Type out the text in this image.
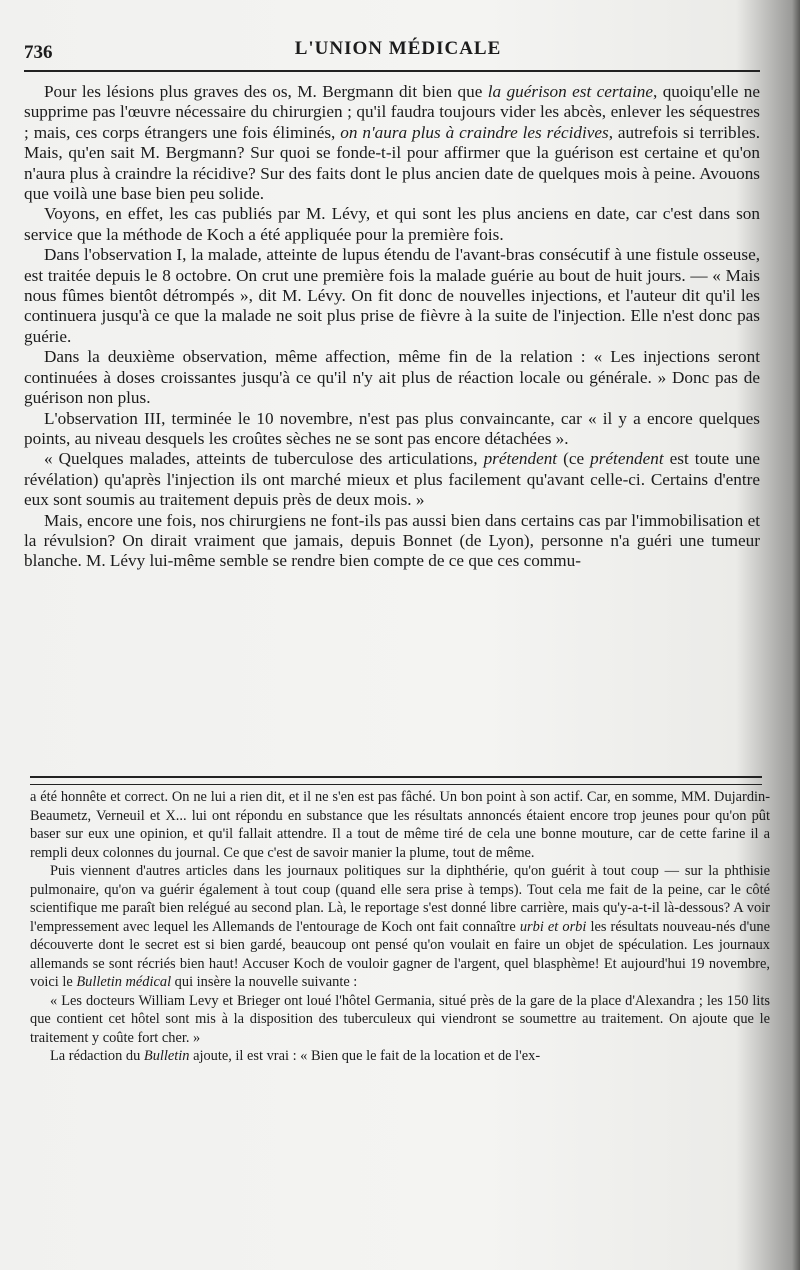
736	L'UNION MÉDICALE

Pour les lésions plus graves des os, M. Bergmann dit bien que la guérison est certaine, quoiqu'elle ne supprime pas l'œuvre nécessaire du chirurgien ; qu'il faudra toujours vider les abcès, enlever les séquestres ; mais, ces corps étrangers une fois éliminés, on n'aura plus à craindre les récidives, autrefois si terribles. Mais, qu'en sait M. Bergmann? Sur quoi se fonde-t-il pour affirmer que la guérison est certaine et qu'on n'aura plus à craindre la récidive? Sur des faits dont le plus ancien date de quelques mois à peine. Avouons que voilà une base bien peu solide.

Voyons, en effet, les cas publiés par M. Lévy, et qui sont les plus anciens en date, car c'est dans son service que la méthode de Koch a été appliquée pour la première fois.

Dans l'observation I, la malade, atteinte de lupus étendu de l'avant-bras consécutif à une fistule osseuse, est traitée depuis le 8 octobre. On crut une première fois la malade guérie au bout de huit jours. — « Mais nous fûmes bientôt détrompés », dit M. Lévy. On fit donc de nouvelles injections, et l'auteur dit qu'il les continuera jusqu'à ce que la malade ne soit plus prise de fièvre à la suite de l'injection. Elle n'est donc pas guérie.

Dans la deuxième observation, même affection, même fin de la relation : « Les injections seront continuées à doses croissantes jusqu'à ce qu'il n'y ait plus de réaction locale ou générale. » Donc pas de guérison non plus.

L'observation III, terminée le 10 novembre, n'est pas plus convaincante, car « il y a encore quelques points, au niveau desquels les croûtes sèches ne se sont pas encore détachées ».

« Quelques malades, atteints de tuberculose des articulations, prétendent (ce prétendent est toute une révélation) qu'après l'injection ils ont marché mieux et plus facilement qu'avant celle-ci. Certains d'entre eux sont soumis au traitement depuis près de deux mois. »

Mais, encore une fois, nos chirurgiens ne font-ils pas aussi bien dans certains cas par l'immobilisation et la révulsion? On dirait vraiment que jamais, depuis Bonnet (de Lyon), personne n'a guéri une tumeur blanche. M. Lévy lui-même semble se rendre bien compte de ce que ces commu-

a été honnête et correct. On ne lui a rien dit, et il ne s'en est pas fâché. Un bon point à son actif. Car, en somme, MM. Dujardin-Beaumetz, Verneuil et X... lui ont répondu en substance que les résultats annoncés étaient encore trop jeunes pour qu'on pût baser sur eux une opinion, et qu'il fallait attendre. Il a tout de même tiré de cela une bonne mouture, car de cette farine il a rempli deux colonnes du journal. Ce que c'est de savoir manier la plume, tout de même.

Puis viennent d'autres articles dans les journaux politiques sur la diphthérie, qu'on guérit à tout coup — sur la phthisie pulmonaire, qu'on va guérir également à tout coup (quand elle sera prise à temps). Tout cela me fait de la peine, car le côté scientifique me paraît bien relégué au second plan. Là, le reportage s'est donné libre carrière, mais qu'y-a-t-il là-dessous? A voir l'empressement avec lequel les Allemands de l'entourage de Koch ont fait connaître urbi et orbi les résultats nouveau-nés d'une découverte dont le secret est si bien gardé, beaucoup ont pensé qu'on voulait en faire un objet de spéculation. Les journaux allemands se sont récriés bien haut! Accuser Koch de vouloir gagner de l'argent, quel blasphème! Et aujourd'hui 19 novembre, voici le Bulletin médical qui insère la nouvelle suivante :

« Les docteurs William Levy et Brieger ont loué l'hôtel Germania, situé près de la gare de la place d'Alexandra ; les 150 lits que contient cet hôtel sont mis à la disposition des tuberculeux qui viendront se soumettre au traitement. On ajoute que le traitement y coûte fort cher. »

La rédaction du Bulletin ajoute, il est vrai : « Bien que le fait de la location et de l'ex-
